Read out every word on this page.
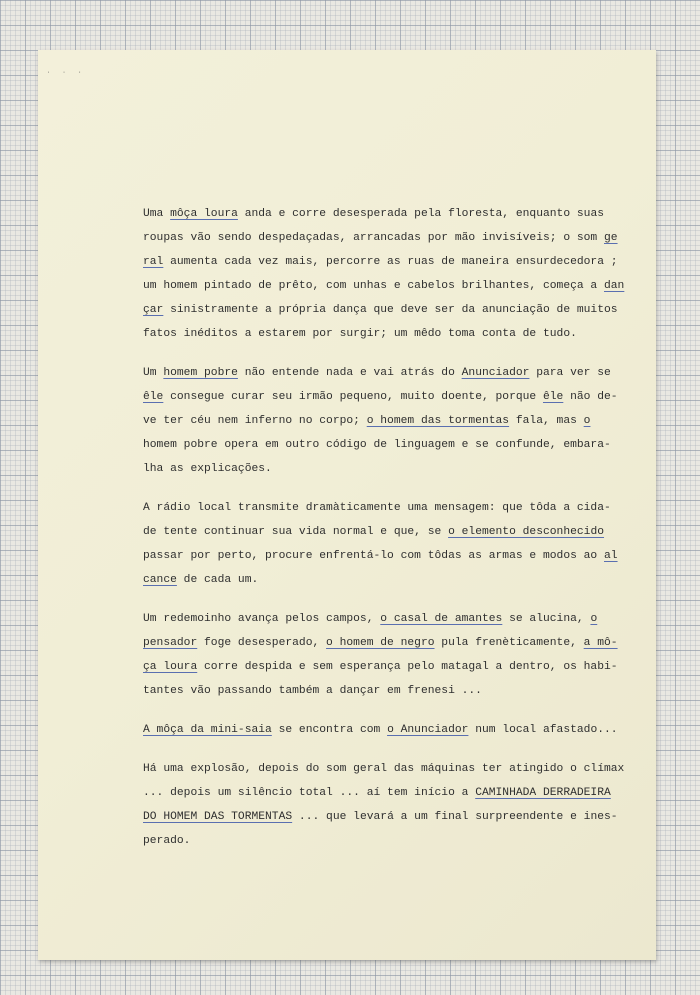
˙ ˙ ˙
Uma môça loura anda e corre desesperada pela floresta, enquanto suas
roupas vão sendo despedaçadas, arrancadas por mão invisíveis; o som ge
ral aumenta cada vez mais, percorre as ruas de maneira ensurdecedora ;
um homem pintado de prêto, com unhas e cabelos brilhantes, começa a dan
çar sinistramente a própria dança que deve ser da anunciação de muitos
fatos inéditos a estarem por surgir; um mêdo toma conta de tudo.
Um homem pobre não entende nada e vai atrás do Anunciador para ver se
êle consegue curar seu irmão pequeno, muito doente, porque êle não de-
ve ter céu nem inferno no corpo; o homem das tormentas fala, mas o
homem pobre opera em outro código de linguagem e se confunde, embara-
lha as explicações.
A rádio local transmite dramàticamente uma mensagem: que tôda a cida-
de tente continuar sua vida normal e que, se o elemento desconhecido
passar por perto, procure enfrentá-lo com tôdas as armas e modos ao al
cance de cada um.
Um redemoinho avança pelos campos, o casal de amantes se alucina, o
pensador foge desesperado, o homem de negro pula frenèticamente, a mô-
ça loura corre despida e sem esperança pelo matagal a dentro, os habi-
tantes vão passando também a dançar em frenesi ...
A môça da mini-saia se encontra com o Anunciador num local afastado...
Há uma explosão, depois do som geral das máquinas ter atingido o clímax
... depois um silêncio total ... aí tem início a CAMINHADA DERRADEIRA
DO HOMEM DAS TORMENTAS ... que levará a um final surpreendente e ines-
perado.
